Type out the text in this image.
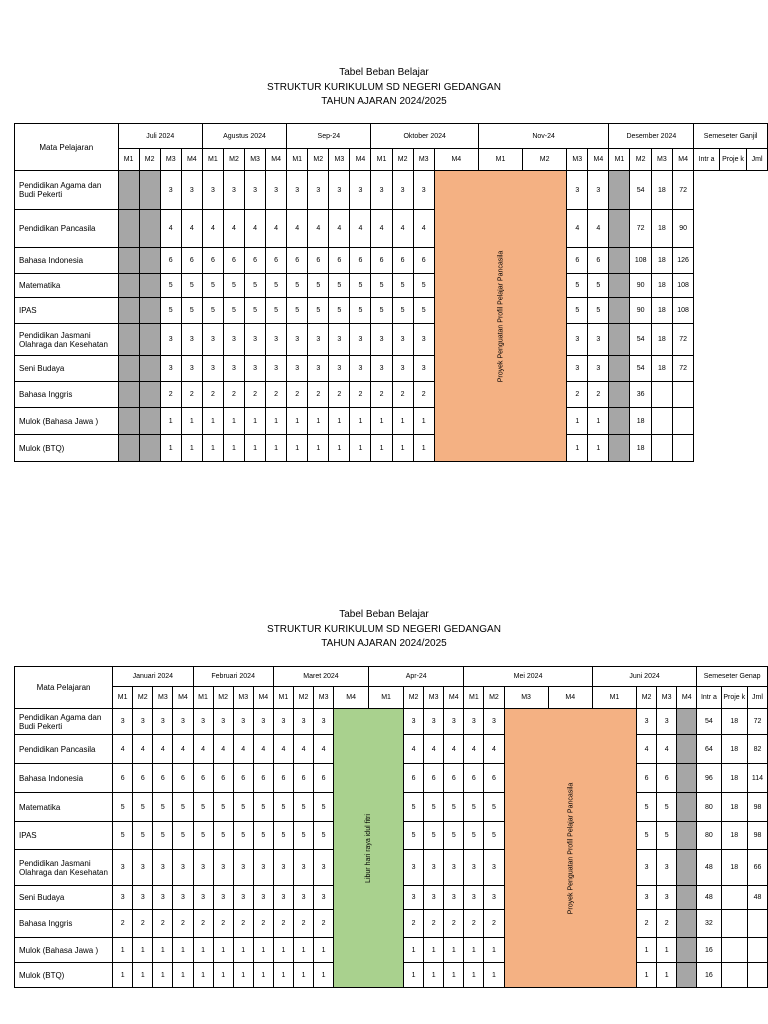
Tabel Beban Belajar
STRUKTUR KURIKULUM SD NEGERI GEDANGAN
TAHUN AJARAN 2024/2025
Mata Pelajaran	Juli 2024				Agustus 2024				Sep-24				Oktober 2024				Nov-24				Desember 2024				Semeseter Ganjil		
	M1	M2	M3	M4	M1	M2	M3	M4	M1	M2	M3	M4	M1	M2	M3	M4	M1	M2	M3	M4	M1	M2	M3	M4	Intr a	Proje k	Jml
Pendidikan Agama dan Budi Pekerti			3	3	3	3	3	3	3	3	3	3	3	3	3	Proyek Penguatan Profil Pelajar Pancasila			3	3		54	18	72			
Pendidikan Pancasila			4	4	4	4	4	4	4	4	4	4	4	4	4				4	4		72	18	90			
Bahasa Indonesia			6	6	6	6	6	6	6	6	6	6	6	6	6				6	6		108	18	126			
Matematika			5	5	5	5	5	5	5	5	5	5	5	5	5				5	5		90	18	108			
IPAS			5	5	5	5	5	5	5	5	5	5	5	5	5				5	5		90	18	108			
Pendidikan Jasmani Olahraga dan Kesehatan			3	3	3	3	3	3	3	3	3	3	3	3	3				3	3		54	18	72			
Seni Budaya			3	3	3	3	3	3	3	3	3	3	3	3	3				3	3		54	18	72			
Bahasa Inggris			2	2	2	2	2	2	2	2	2	2	2	2	2				2	2		36					
Mulok (Bahasa Jawa )			1	1	1	1	1	1	1	1	1	1	1	1	1				1	1		18					
Mulok (BTQ)			1	1	1	1	1	1	1	1	1	1	1	1	1				1	1		18					
Tabel Beban Belajar
STRUKTUR KURIKULUM SD NEGERI GEDANGAN
TAHUN AJARAN 2024/2025
Mata Pelajaran	Januari 2024				Februari 2024				Maret 2024				Apr-24				Mei 2024				Juni 2024				Semeseter Genap		
	M1	M2	M3	M4	M1	M2	M3	M4	M1	M2	M3	M4	M1	M2	M3	M4	M1	M2	M3	M4	M1	M2	M3	M4	Intr a	Proje k	Jml
Pendidikan Agama dan Budi Pekerti	3	3	3	3	3	3	3	3	3	3	3	Libur hari raya idul fitri		3	3	3	3	3	Proyek Penguatan Profil Pelajar Pancasila			3	3		54	18	72
Pendidikan Pancasila	4	4	4	4	4	4	4	4	4	4	4			4	4	4	4	4				4	4		64	18	82
Bahasa Indonesia	6	6	6	6	6	6	6	6	6	6	6			6	6	6	6	6				6	6		96	18	114
Matematika	5	5	5	5	5	5	5	5	5	5	5			5	5	5	5	5				5	5		80	18	98
IPAS	5	5	5	5	5	5	5	5	5	5	5			5	5	5	5	5				5	5		80	18	98
Pendidikan Jasmani Olahraga dan Kesehatan	3	3	3	3	3	3	3	3	3	3	3			3	3	3	3	3				3	3		48	18	66
Seni Budaya	3	3	3	3	3	3	3	3	3	3	3			3	3	3	3	3				3	3		48		48
Bahasa Inggris	2	2	2	2	2	2	2	2	2	2	2			2	2	2	2	2				2	2		32		
Mulok (Bahasa Jawa )	1	1	1	1	1	1	1	1	1	1	1			1	1	1	1	1				1	1		16		
Mulok (BTQ)	1	1	1	1	1	1	1	1	1	1	1			1	1	1	1	1				1	1		16		
